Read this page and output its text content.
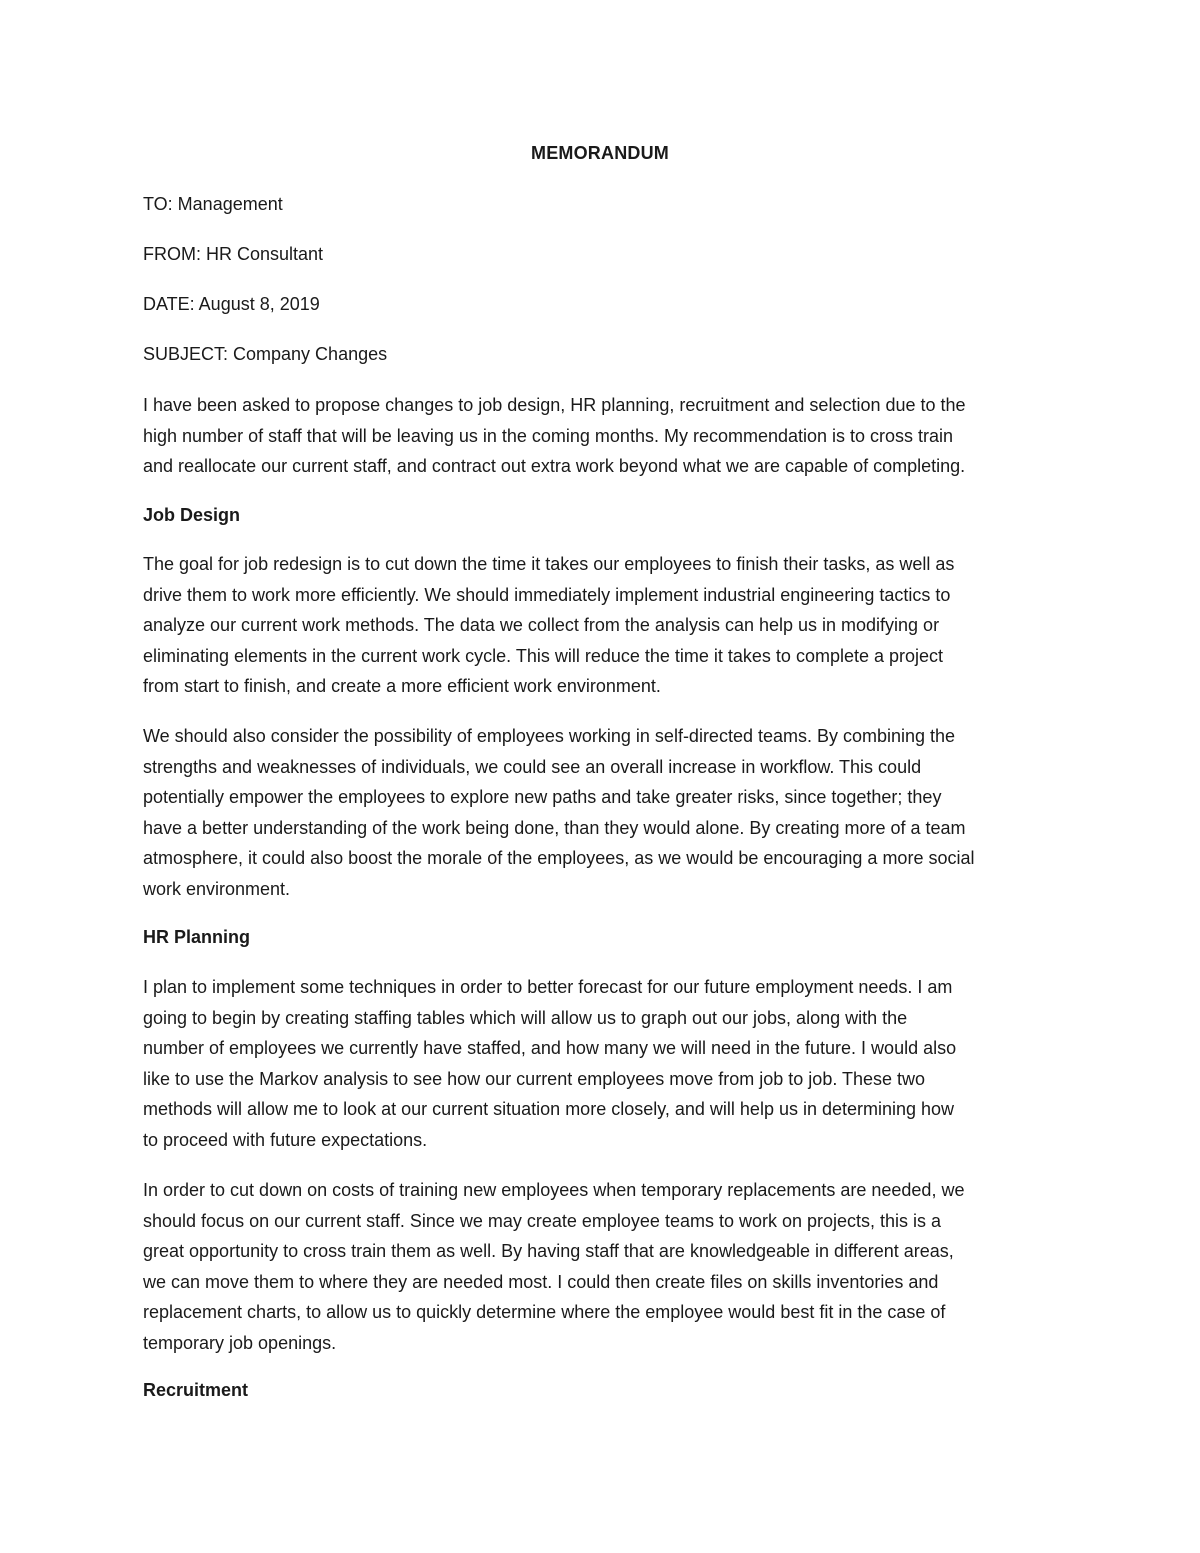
MEMORANDUM
TO: Management
FROM: HR Consultant
DATE: August 8, 2019
SUBJECT: Company Changes
I have been asked to propose changes to job design, HR planning, recruitment and selection due to the
high number of staff that will be leaving us in the coming months. My recommendation is to cross train
and reallocate our current staff, and contract out extra work beyond what we are capable of completing.
Job Design
The goal for job redesign is to cut down the time it takes our employees to finish their tasks, as well as
drive them to work more efficiently. We should immediately implement industrial engineering tactics to
analyze our current work methods. The data we collect from the analysis can help us in modifying or
eliminating elements in the current work cycle. This will reduce the time it takes to complete a project
from start to finish, and create a more efficient work environment.
We should also consider the possibility of employees working in self-directed teams. By combining the
strengths and weaknesses of individuals, we could see an overall increase in workflow. This could
potentially empower the employees to explore new paths and take greater risks, since together; they
have a better understanding of the work being done, than they would alone. By creating more of a team
atmosphere, it could also boost the morale of the employees, as we would be encouraging a more social
work environment.
HR Planning
I plan to implement some techniques in order to better forecast for our future employment needs. I am
going to begin by creating staffing tables which will allow us to graph out our jobs, along with the
number of employees we currently have staffed, and how many we will need in the future. I would also
like to use the Markov analysis to see how our current employees move from job to job. These two
methods will allow me to look at our current situation more closely, and will help us in determining how
to proceed with future expectations.
In order to cut down on costs of training new employees when temporary replacements are needed, we
should focus on our current staff. Since we may create employee teams to work on projects, this is a
great opportunity to cross train them as well. By having staff that are knowledgeable in different areas,
we can move them to where they are needed most. I could then create files on skills inventories and
replacement charts, to allow us to quickly determine where the employee would best fit in the case of
temporary job openings.
Recruitment
